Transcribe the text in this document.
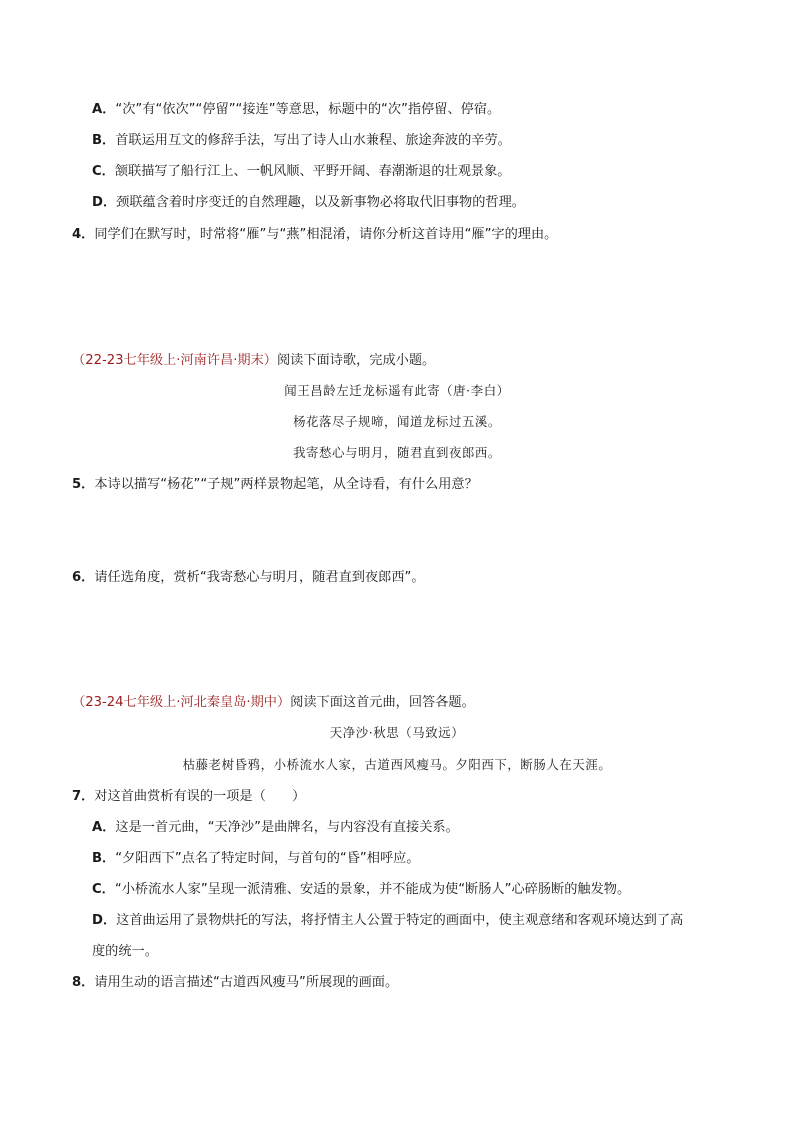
A．“次”有“依次”“停留”“接连”等意思，标题中的“次”指停留、停宿。
B．首联运用互文的修辞手法，写出了诗人山水兼程、旅途奔波的辛劳。
C．颔联描写了船行江上、一帆风顺、平野开阔、春潮渐退的壮观景象。
D．颈联蕴含着时序变迁的自然理趣，以及新事物必将取代旧事物的哲理。
4．同学们在默写时，时常将“雁”与“燕”相混淆，请你分析这首诗用“雁”字的理由。
（22-23七年级上·河南许昌·期末）阅读下面诗歌，完成小题。
闻王昌龄左迁龙标遥有此寄（唐·李白）
杨花落尽子规啼，闻道龙标过五溪。
我寄愁心与明月，随君直到夜郎西。
5．本诗以描写“杨花”“子规”两样景物起笔，从全诗看，有什么用意？
6．请任选角度，赏析“我寄愁心与明月，随君直到夜郎西”。
（23-24七年级上·河北秦皇岛·期中）阅读下面这首元曲，回答各题。
天净沙·秋思（马致远）
枯藤老树昏鸦，小桥流水人家，古道西风瘦马。夕阳西下，断肠人在天涯。
7．对这首曲赏析有误的一项是（　　）
A．这是一首元曲，“天净沙”是曲牌名，与内容没有直接关系。
B．“夕阳西下”点名了特定时间，与首句的“昏”相呼应。
C．“小桥流水人家”呈现一派清雅、安适的景象，并不能成为使“断肠人”心碎肠断的触发物。
D．这首曲运用了景物烘托的写法，将抒情主人公置于特定的画面中，使主观意绪和客观环境达到了高
度的统一。
8．请用生动的语言描述“古道西风瘦马”所展现的画面。
